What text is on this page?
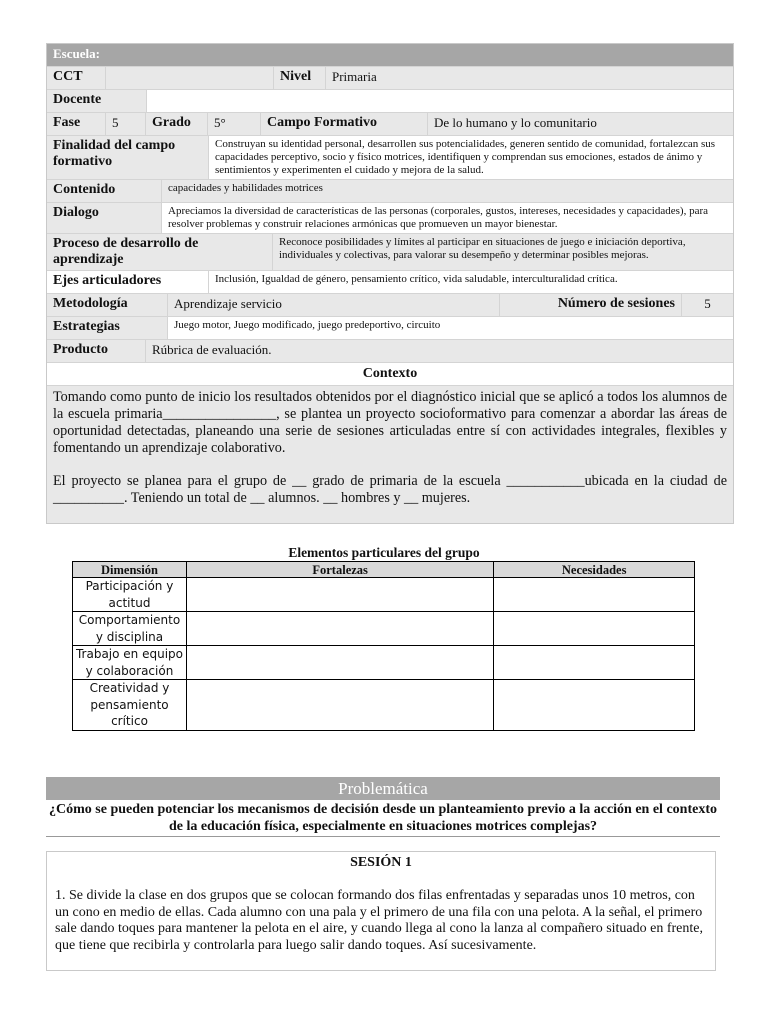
Escuela:
CCT	Nivel	Primaria
Docente
Fase	5	Grado	5°	Campo Formativo	De lo humano y lo comunitario
Finalidad del campo formativo
Construyan su identidad personal, desarrollen sus potencialidades, generen sentido de comunidad, fortalezcan sus capacidades perceptivo, socio y físico motrices, identifiquen y comprendan sus emociones, estados de ánimo y sentimientos y experimenten el cuidado y mejora de la salud.
Contenido	capacidades y habilidades motrices
Dialogo	Apreciamos la diversidad de características de las personas (corporales, gustos, intereses, necesidades y capacidades), para resolver problemas y construir relaciones armónicas que promueven un mayor bienestar.
Proceso de desarrollo de aprendizaje
Reconoce posibilidades y límites al participar en situaciones de juego e iniciación deportiva, individuales y colectivas, para valorar su desempeño y determinar posibles mejoras.
Ejes articuladores	Inclusión, Igualdad de género, pensamiento crítico, vida saludable, interculturalidad crítica.
Metodología	Aprendizaje servicio	Número de sesiones	5
Estrategias	Juego motor, Juego modificado, juego predeportivo, circuito
Producto	Rúbrica de evaluación.
Contexto

Tomando como punto de inicio los resultados obtenidos por el diagnóstico inicial que se aplicó a todos los alumnos de la escuela primaria________________, se plantea un proyecto socioformativo para comenzar a abordar las áreas de oportunidad detectadas, planeando una serie de sesiones articuladas entre sí con actividades integrales, flexibles y fomentando un aprendizaje colaborativo.

El proyecto se planea para el grupo de __ grado de primaria de la escuela ___________ubicada en la ciudad de __________. Teniendo un total de __ alumnos. __ hombres y __ mujeres.

Elementos particulares del grupo
Dimensión	Fortalezas	Necesidades
Participación y actitud		
Comportamiento y disciplina		
Trabajo en equipo y colaboración		
Creatividad y pensamiento crítico		
Problemática
¿Cómo se pueden potenciar los mecanismos de decisión desde un planteamiento previo a la acción en el contexto de la educación física, especialmente en situaciones motrices complejas?
SESIÓN 1

1. Se divide la clase en dos grupos que se colocan formando dos filas enfrentadas y separadas unos 10 metros, con un cono en medio de ellas. Cada alumno con una pala y el primero de una fila con una pelota. A la señal, el primero sale dando toques para mantener la pelota en el aire, y cuando llega al cono la lanza al compañero situado en frente, que tiene que recibirla y controlarla para luego salir dando toques. Así sucesivamente.
